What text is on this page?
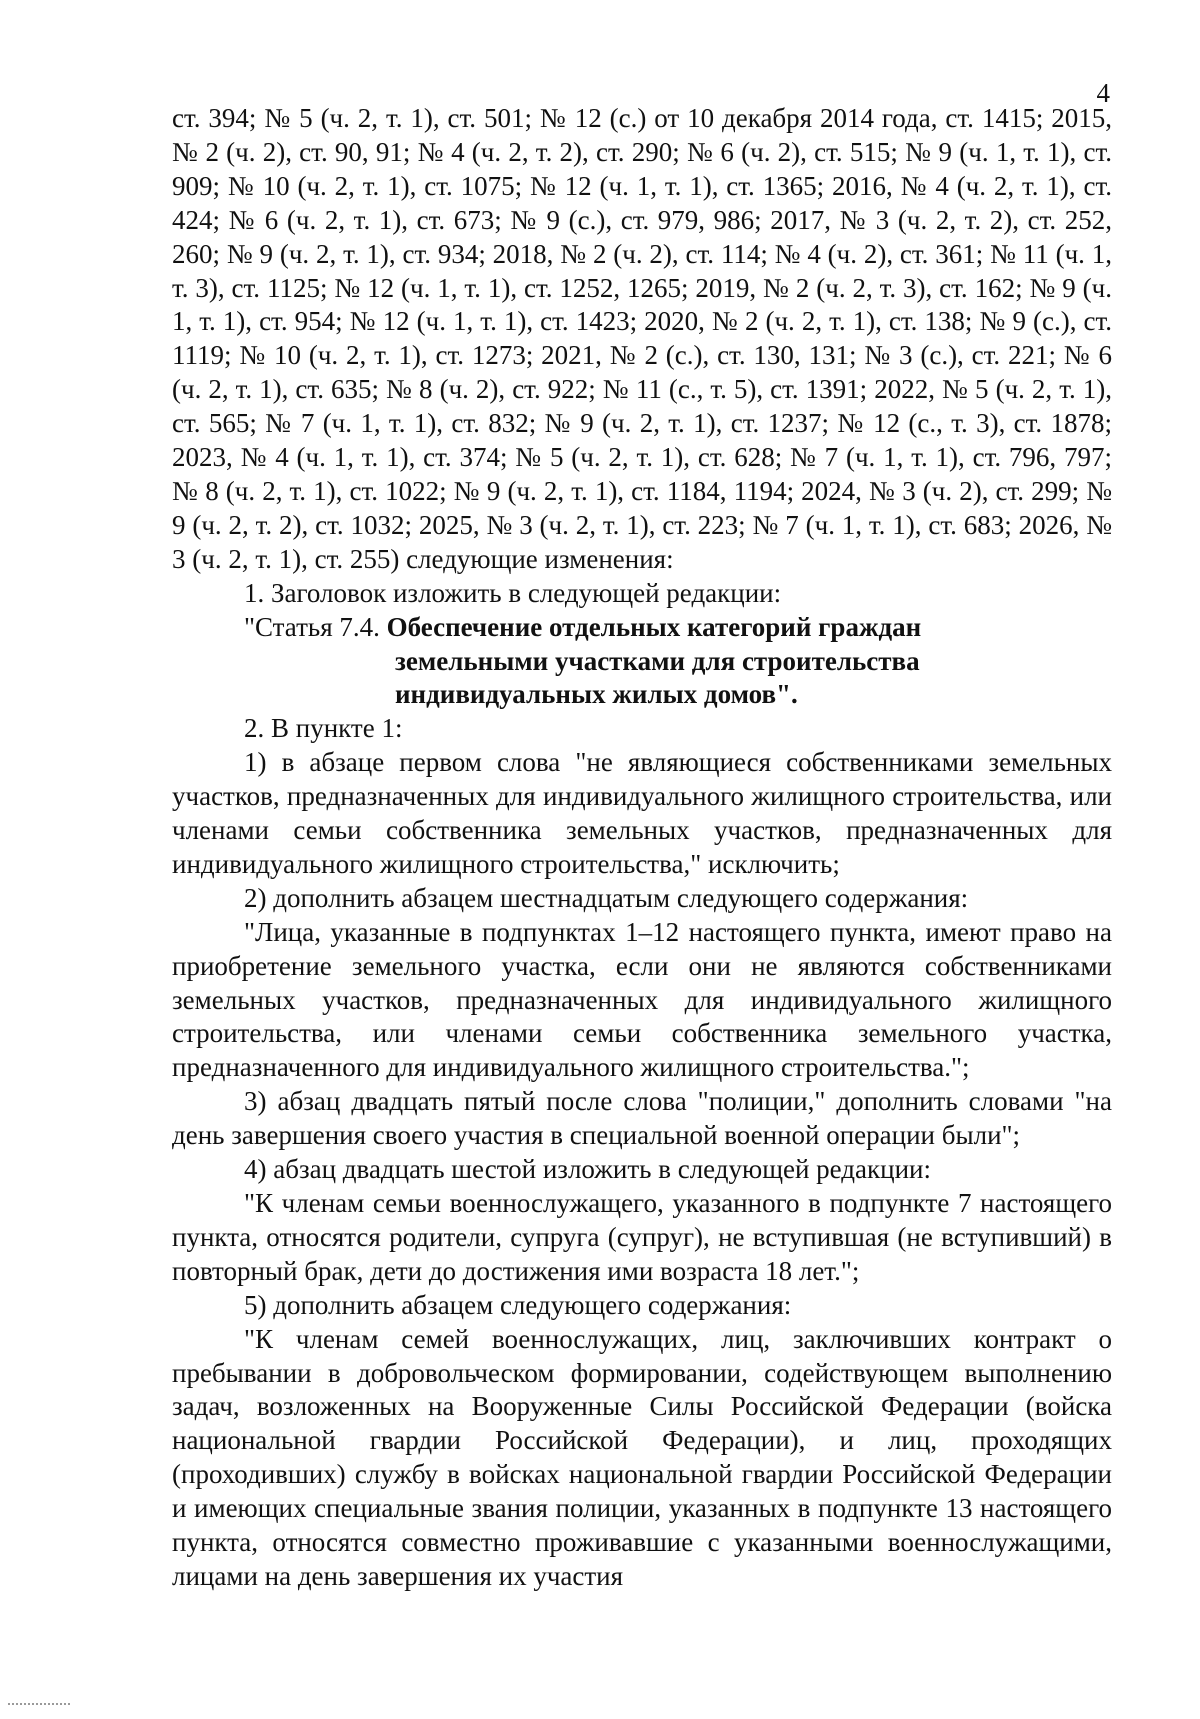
4

ст. 394; № 5 (ч. 2, т. 1), ст. 501; № 12 (с.) от 10 декабря 2014 года, ст. 1415; 2015, № 2 (ч. 2), ст. 90, 91; № 4 (ч. 2, т. 2), ст. 290; № 6 (ч. 2), ст. 515; № 9 (ч. 1, т. 1), ст. 909; № 10 (ч. 2, т. 1), ст. 1075; № 12 (ч. 1, т. 1), ст. 1365; 2016, № 4 (ч. 2, т. 1), ст. 424; № 6 (ч. 2, т. 1), ст. 673; № 9 (с.), ст. 979, 986; 2017, № 3 (ч. 2, т. 2), ст. 252, 260; № 9 (ч. 2, т. 1), ст. 934; 2018, № 2 (ч. 2), ст. 114; № 4 (ч. 2), ст. 361; № 11 (ч. 1, т. 3), ст. 1125; № 12 (ч. 1, т. 1), ст. 1252, 1265; 2019, № 2 (ч. 2, т. 3), ст. 162; № 9 (ч. 1, т. 1), ст. 954; № 12 (ч. 1, т. 1), ст. 1423; 2020, № 2 (ч. 2, т. 1), ст. 138; № 9 (с.), ст. 1119; № 10 (ч. 2, т. 1), ст. 1273; 2021, № 2 (с.), ст. 130, 131; № 3 (с.), ст. 221; № 6 (ч. 2, т. 1), ст. 635; № 8 (ч. 2), ст. 922; № 11 (с., т. 5), ст. 1391; 2022, № 5 (ч. 2, т. 1), ст. 565; № 7 (ч. 1, т. 1), ст. 832; № 9 (ч. 2, т. 1), ст. 1237; № 12 (с., т. 3), ст. 1878; 2023, № 4 (ч. 1, т. 1), ст. 374; № 5 (ч. 2, т. 1), ст. 628; № 7 (ч. 1, т. 1), ст. 796, 797; № 8 (ч. 2, т. 1), ст. 1022; № 9 (ч. 2, т. 1), ст. 1184, 1194; 2024, № 3 (ч. 2), ст. 299; № 9 (ч. 2, т. 2), ст. 1032; 2025, № 3 (ч. 2, т. 1), ст. 223; № 7 (ч. 1, т. 1), ст. 683; 2026, № 3 (ч. 2, т. 1), ст. 255) следующие изменения:

1. Заголовок изложить в следующей редакции:

"Статья 7.4. Обеспечение отдельных категорий граждан
земельными участками для строительства
индивидуальных жилых домов".

2. В пункте 1:

1) в абзаце первом слова "не являющиеся собственниками земельных участков, предназначенных для индивидуального жилищного строительства, или членами семьи собственника земельных участков, предназначенных для индивидуального жилищного строительства," исключить;

2) дополнить абзацем шестнадцатым следующего содержания:

"Лица, указанные в подпунктах 1–12 настоящего пункта, имеют право на приобретение земельного участка, если они не являются собственниками земельных участков, предназначенных для индивидуального жилищного строительства, или членами семьи собственника земельного участка, предназначенного для индивидуального жилищного строительства.";

3) абзац двадцать пятый после слова "полиции," дополнить словами "на день завершения своего участия в специальной военной операции были";

4) абзац двадцать шестой изложить в следующей редакции:

"К членам семьи военнослужащего, указанного в подпункте 7 настоящего пункта, относятся родители, супруга (супруг), не вступившая (не вступивший) в повторный брак, дети до достижения ими возраста 18 лет.";

5) дополнить абзацем следующего содержания:

"К членам семей военнослужащих, лиц, заключивших контракт о пребывании в добровольческом формировании, содействующем выполнению задач, возложенных на Вооруженные Силы Российской Федерации (войска национальной гвардии Российской Федерации), и лиц, проходящих (проходивших) службу в войсках национальной гвардии Российской Федерации и имеющих специальные звания полиции, указанных в подпункте 13 настоящего пункта, относятся совместно проживавшие с указанными военнослужащими, лицами на день завершения их участия
